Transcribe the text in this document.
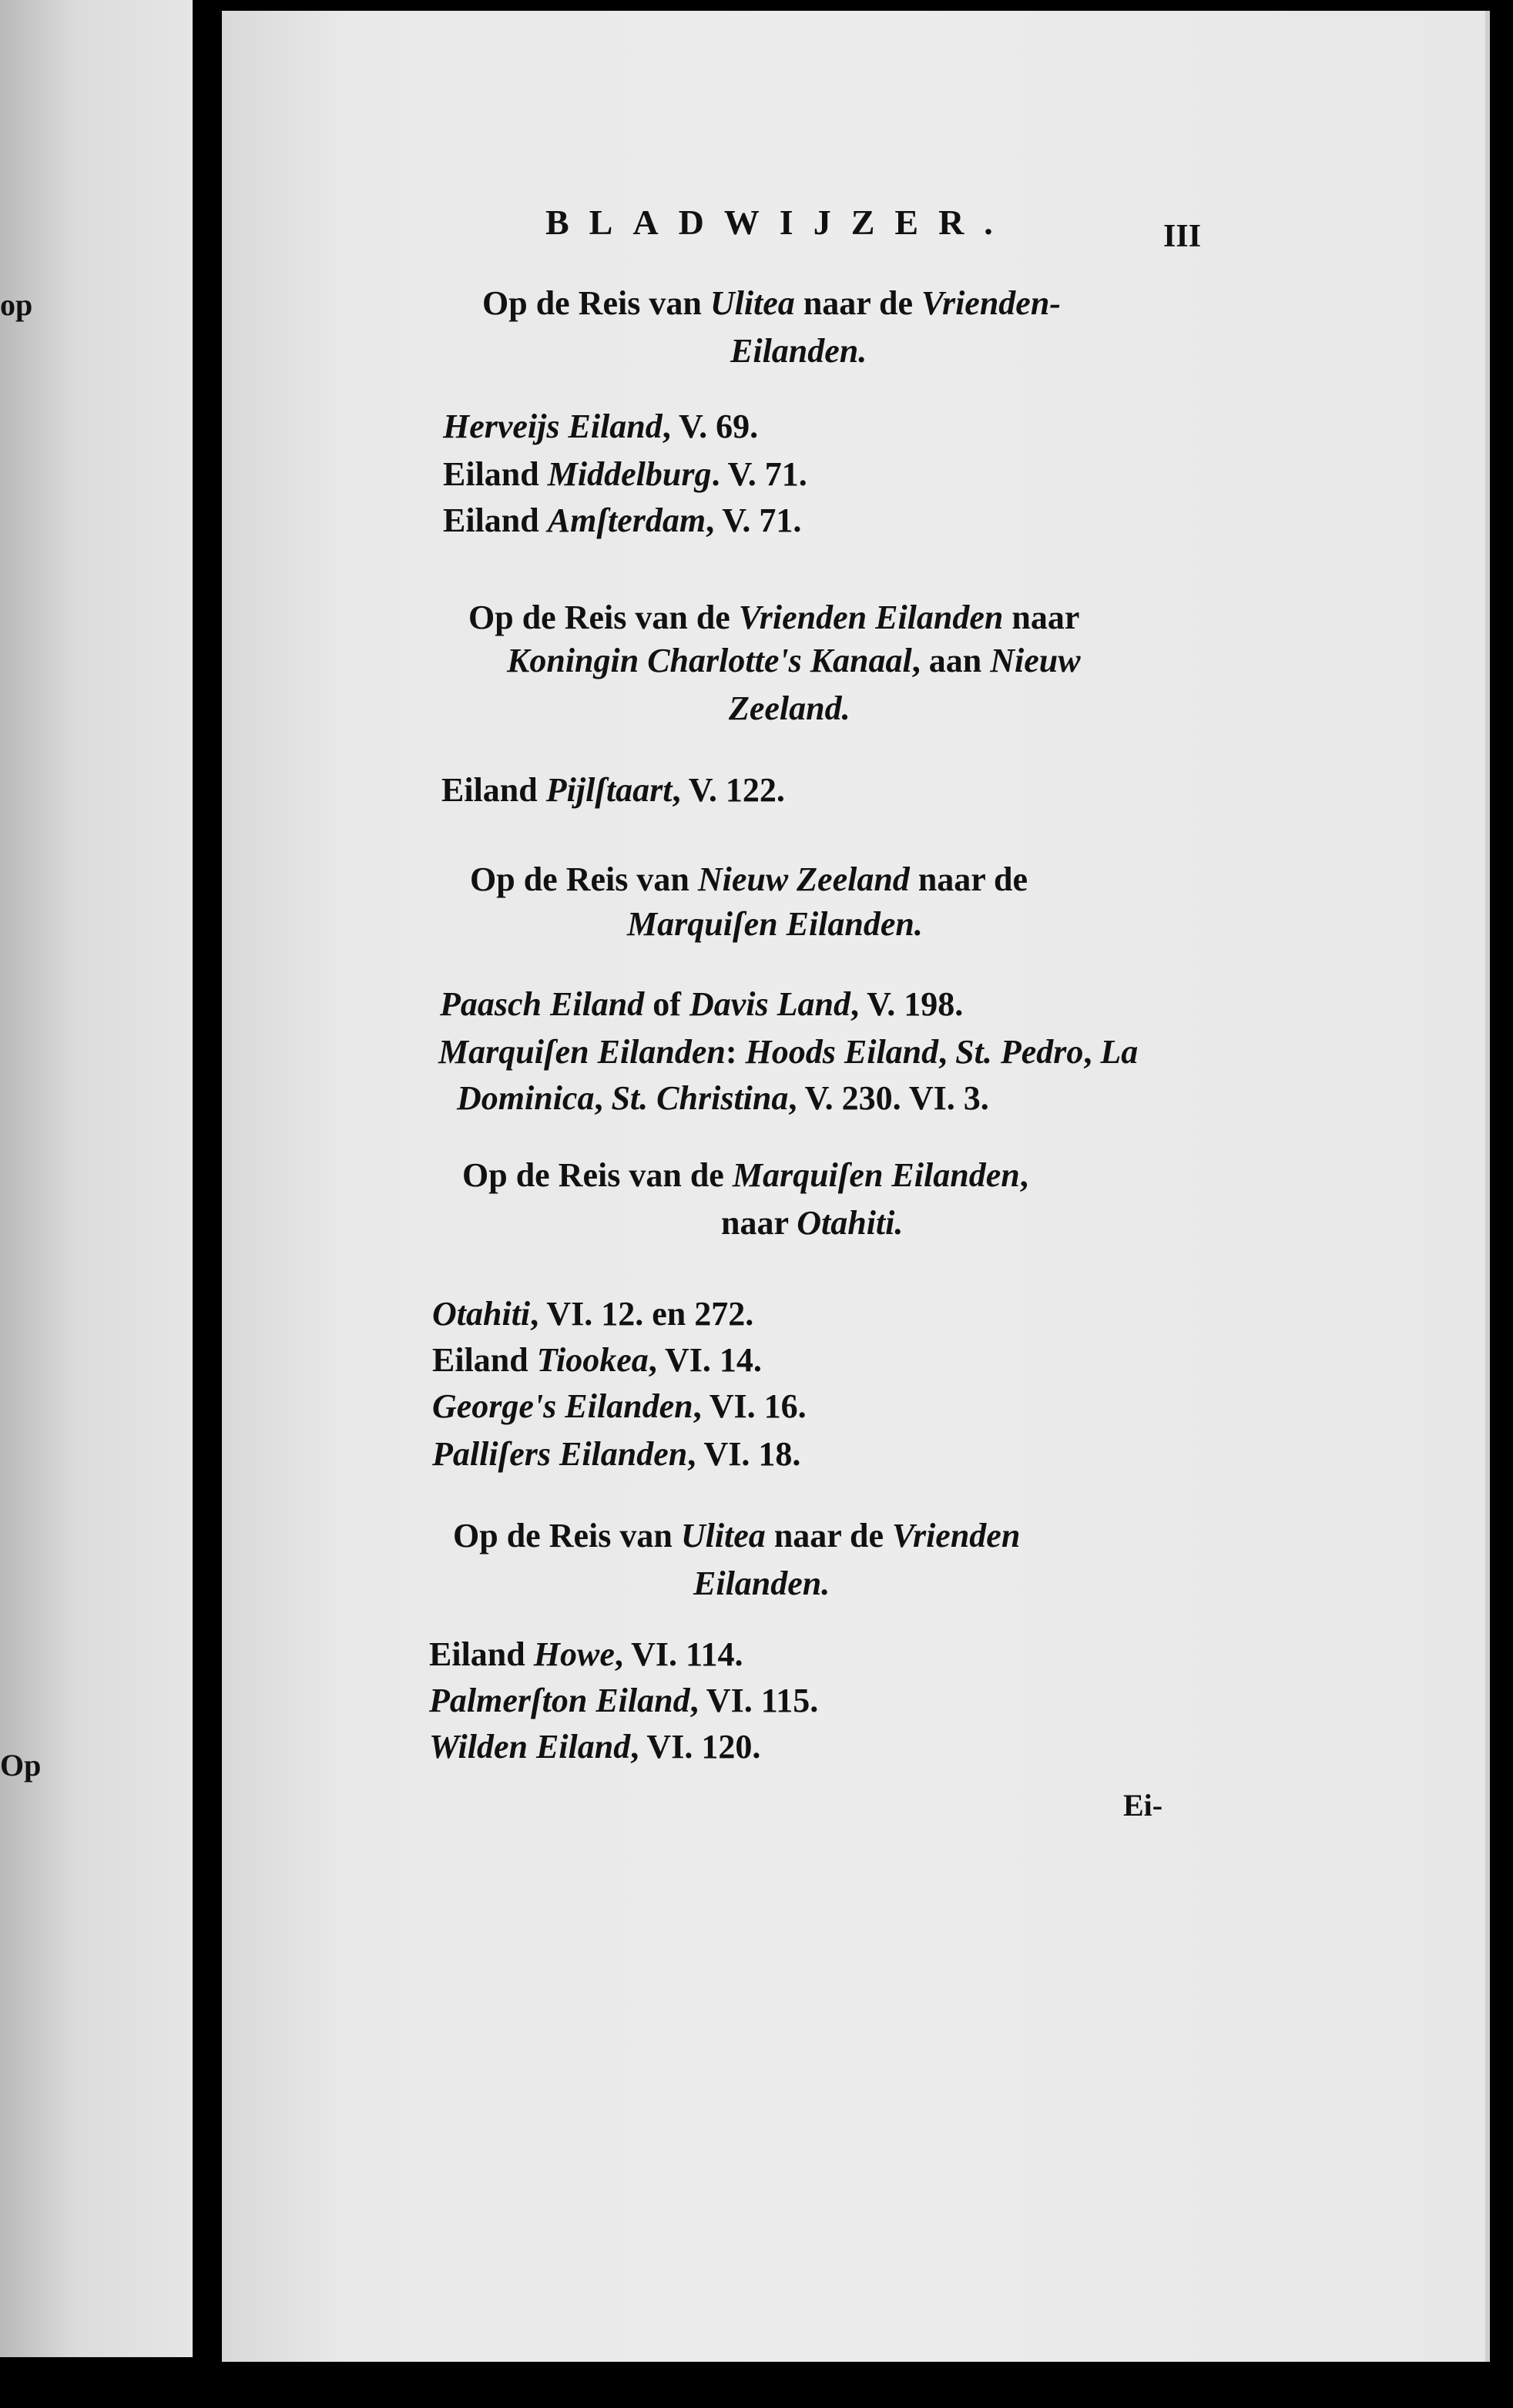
op
Op
BLADWIJZER.	III
Op de Reis van Ulitea naar de Vrienden-
Eilanden.
Herveijs Eiland, V. 69.
Eiland Middelburg. V. 71.
Eiland Amſterdam, V. 71.
Op de Reis van de Vrienden Eilanden naar
Koningin Charlotte's Kanaal, aan Nieuw
Zeeland.
Eiland Pijlſtaart, V. 122.
Op de Reis van Nieuw Zeeland naar de
Marquiſen Eilanden.
Paasch Eiland of Davis Land, V. 198.
Marquiſen Eilanden: Hoods Eiland, St. Pedro, La
Dominica, St. Christina, V. 230. VI. 3.
Op de Reis van de Marquiſen Eilanden,
naar Otahiti.
Otahiti, VI. 12. en 272.
Eiland Tiookea, VI. 14.
George's Eilanden, VI. 16.
Palliſers Eilanden, VI. 18.
Op de Reis van Ulitea naar de Vrienden
Eilanden.
Eiland Howe, VI. 114.
Palmerſton Eiland, VI. 115.
Wilden Eiland, VI. 120.
Ei-
